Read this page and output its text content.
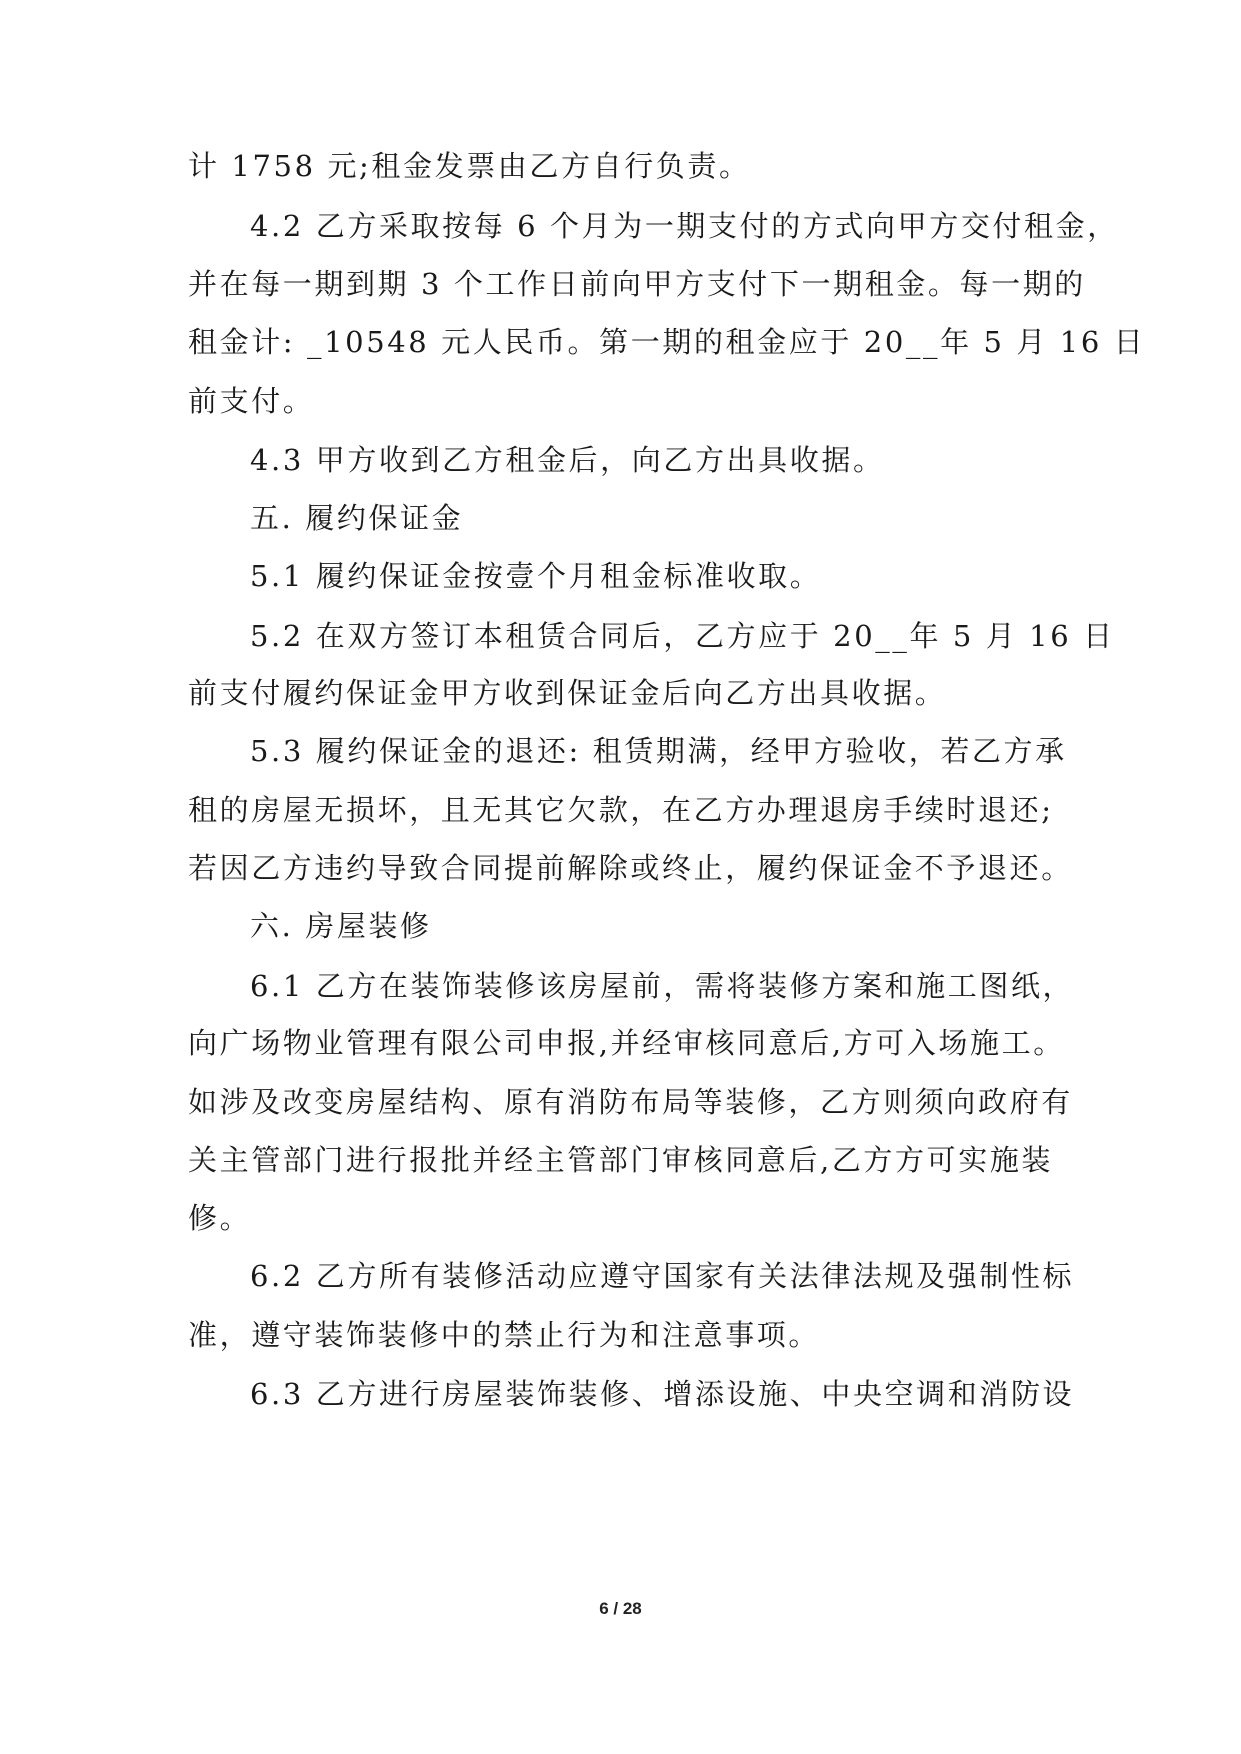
计 1758 元;租金发票由乙方自行负责。
4.2 乙方采取按每 6 个月为一期支付的方式向甲方交付租金，
并在每一期到期 3 个工作日前向甲方支付下一期租金。每一期的
租金计: _10548 元人民币。第一期的租金应于 20__年 5 月 16 日
前支付。
4.3 甲方收到乙方租金后，向乙方出具收据。
五. 履约保证金
5.1 履约保证金按壹个月租金标准收取。
5.2 在双方签订本租赁合同后，乙方应于 20__年 5 月 16 日
前支付履约保证金甲方收到保证金后向乙方出具收据。
5.3 履约保证金的退还: 租赁期满，经甲方验收，若乙方承
租的房屋无损坏，且无其它欠款，在乙方办理退房手续时退还;
若因乙方违约导致合同提前解除或终止，履约保证金不予退还。
六. 房屋装修
6.1 乙方在装饰装修该房屋前，需将装修方案和施工图纸，
向广场物业管理有限公司申报,并经审核同意后,方可入场施工。
如涉及改变房屋结构、原有消防布局等装修，乙方则须向政府有
关主管部门进行报批并经主管部门审核同意后,乙方方可实施装
修。
6.2 乙方所有装修活动应遵守国家有关法律法规及强制性标
准，遵守装饰装修中的禁止行为和注意事项。
6.3 乙方进行房屋装饰装修、增添设施、中央空调和消防设
6 / 28
